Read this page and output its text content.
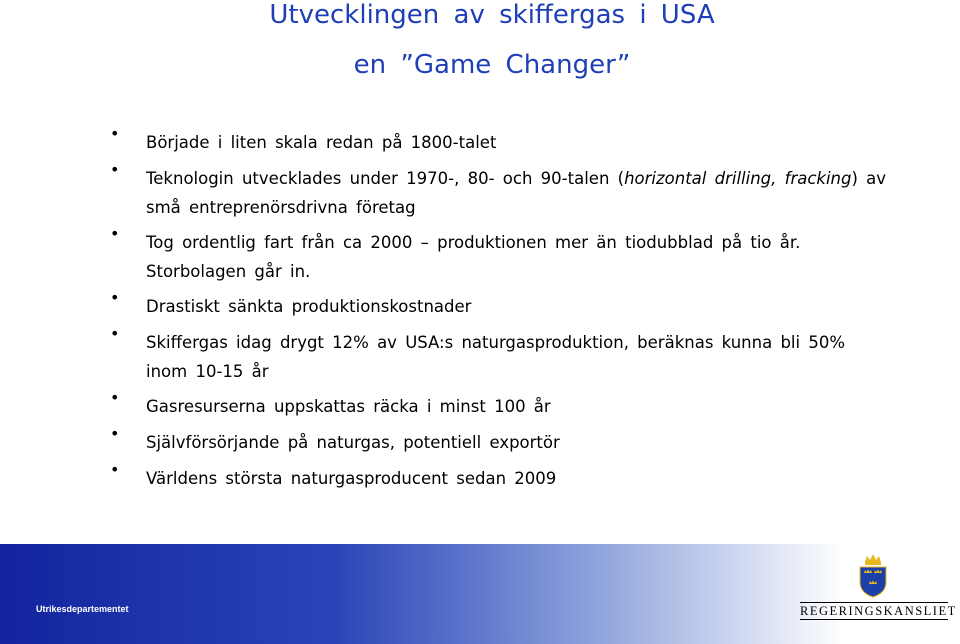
Utvecklingen av skiffergas i USA
en ”Game Changer”
• Började i liten skala redan på 1800-talet
• Teknologin utvecklades under 1970-, 80- och 90-talen (horizontal drilling, fracking) av små entreprenörsdrivna företag
• Tog ordentlig fart från ca 2000 – produktionen mer än tiodubblad på tio år. Storbolagen går in.
• Drastiskt sänkta produktionskostnader
• Skiffergas idag drygt 12% av USA:s naturgasproduktion, beräknas kunna bli 50% inom 10-15 år
• Gasresurserna uppskattas räcka i minst 100 år
• Självförsörjande på naturgas, potentiell exportör
• Världens största naturgasproducent sedan 2009
Utrikesdepartementet	REGERINGSKANSLIET
